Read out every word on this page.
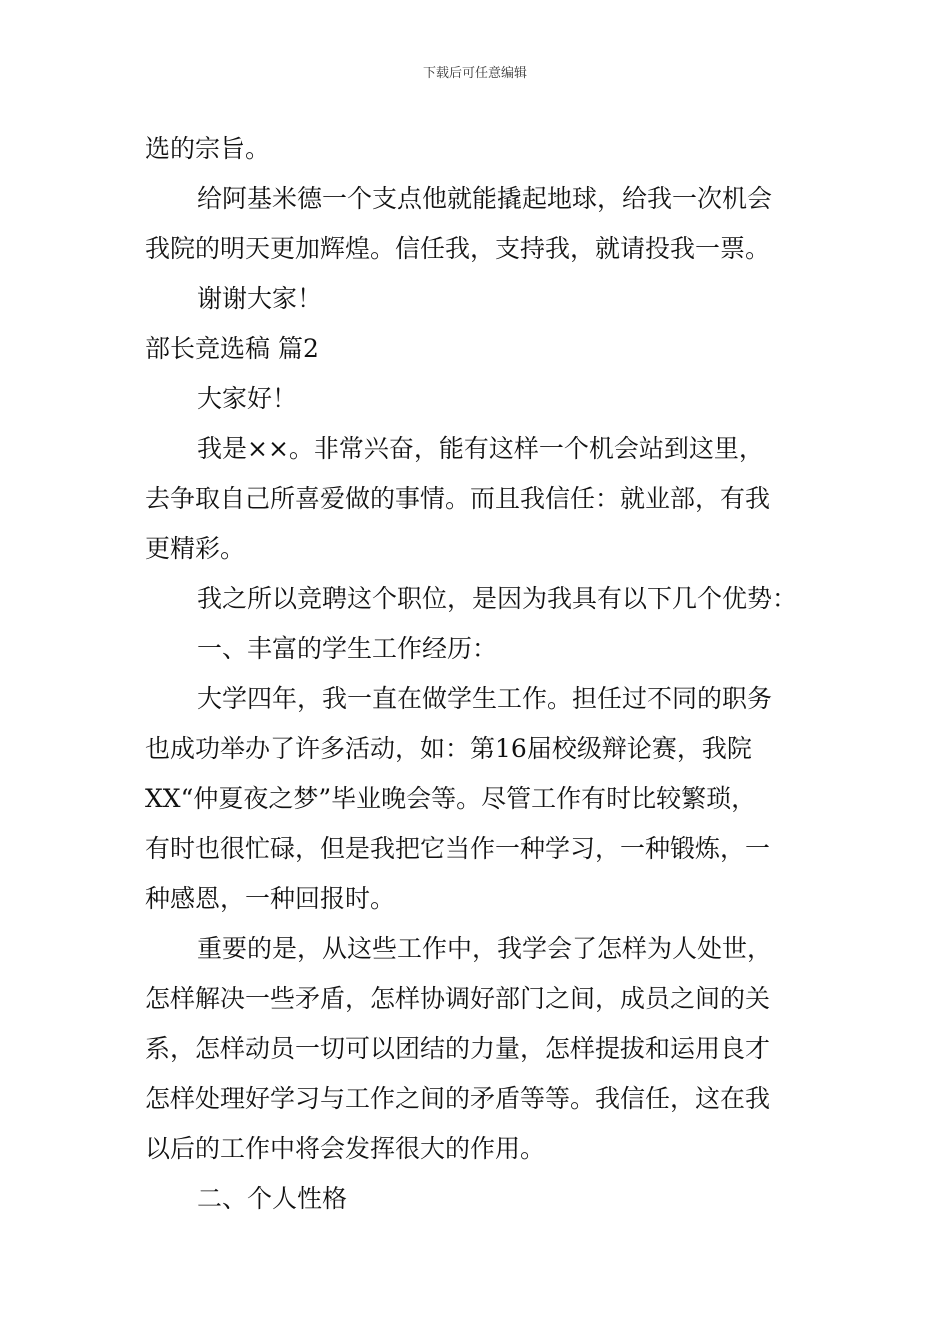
下载后可任意编辑
选的宗旨。
给阿基米德一个支点他就能撬起地球，给我一次机会
我院的明天更加辉煌。信任我，支持我，就请投我一票。
谢谢大家！
部长竞选稿 篇2
大家好！
我是××。非常兴奋，能有这样一个机会站到这里，
去争取自己所喜爱做的事情。而且我信任：就业部，有我
更精彩。
我之所以竞聘这个职位，是因为我具有以下几个优势：
一、丰富的学生工作经历：
大学四年，我一直在做学生工作。担任过不同的职务
也成功举办了许多活动，如：第16届校级辩论赛，我院
XX“仲夏夜之梦”毕业晚会等。尽管工作有时比较繁琐，
有时也很忙碌，但是我把它当作一种学习，一种锻炼，一
种感恩，一种回报时。
重要的是，从这些工作中，我学会了怎样为人处世，
怎样解决一些矛盾，怎样协调好部门之间，成员之间的关
系，怎样动员一切可以团结的力量，怎样提拔和运用良才
怎样处理好学习与工作之间的矛盾等等。我信任，这在我
以后的工作中将会发挥很大的作用。
二、个人性格
